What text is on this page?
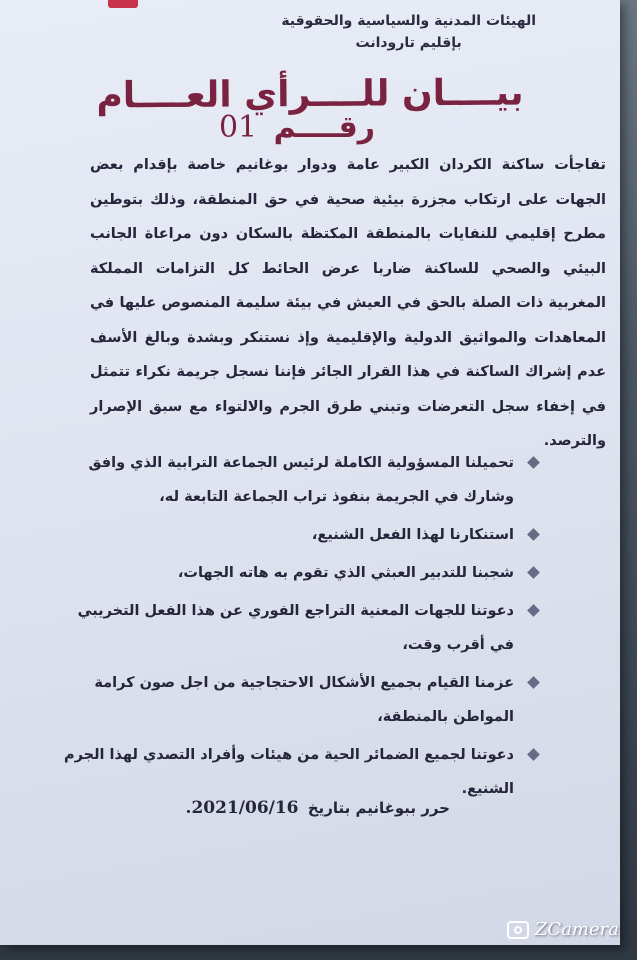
الهيئات المدنية والسياسية والحقوقية
بإقليم تارودانت
بيــــان للــــرأي العــــام
رقــــم 01

تفاجأت ساكنة الكردان الكبير عامة ودوار بوغانيم خاصة بإقدام بعض الجهات على ارتكاب مجزرة بيئية صحية في حق المنطقة، وذلك بتوطين مطرح إقليمي للنفايات بالمنطقة المكتظة بالسكان دون مراعاة الجانب البيئي والصحي للساكنة ضاربا عرض الحائط كل التزامات المملكة المغربية ذات الصلة بالحق في العيش في بيئة سليمة المنصوص عليها في المعاهدات والمواثيق الدولية والإقليمية وإذ نستنكر وبشدة وبالغ الأسف عدم إشراك الساكنة في هذا القرار الجائر فإننا نسجل جريمة نكراء تتمثل في إخفاء سجل التعرضات وتبني طرق الجرم والالتواء مع سبق الإصرار والترصد.

تحميلنا المسؤولية الكاملة لرئيس الجماعة الترابية الذي وافق وشارك في الجريمة بنفوذ تراب الجماعة التابعة له،
استنكارنا لهذا الفعل الشنيع،
شجبنا للتدبير العبثي الذي تقوم به هاته الجهات،
دعوتنا للجهات المعنية التراجع الفوري عن هذا الفعل التخريبي في أقرب وقت،
عزمنا القيام بجميع الأشكال الاحتجاجية من اجل صون كرامة المواطن بالمنطقة،
دعوتنا لجميع الضمائر الحية من هيئات وأفراد التصدي لهذا الجرم الشنيع.
حرر ببوغانيم بتاريخ 2021/06/16.
ZCamera
